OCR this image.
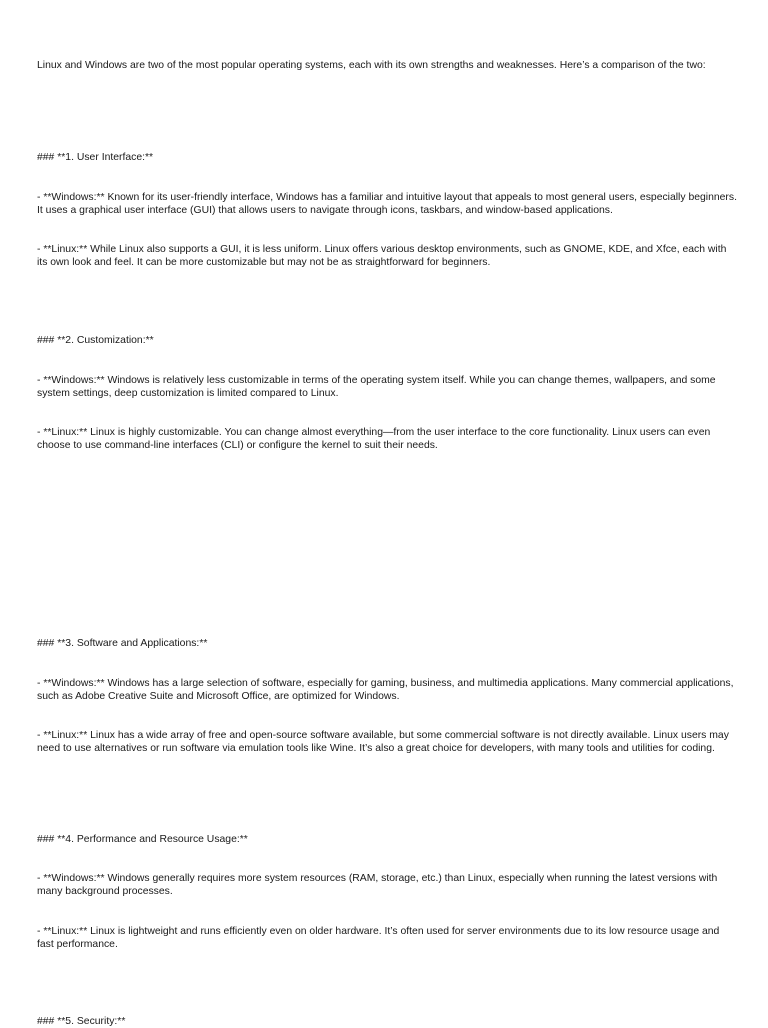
Linux and Windows are two of the most popular operating systems, each with its own strengths and weaknesses. Here’s a comparison of the two:

### **1. User Interface:**

- **Windows:** Known for its user-friendly interface, Windows has a familiar and intuitive layout that appeals to most general users, especially beginners. It uses a graphical user interface (GUI) that allows users to navigate through icons, taskbars, and window-based applications.

- **Linux:** While Linux also supports a GUI, it is less uniform. Linux offers various desktop environments, such as GNOME, KDE, and Xfce, each with its own look and feel. It can be more customizable but may not be as straightforward for beginners.

### **2. Customization:**

- **Windows:** Windows is relatively less customizable in terms of the operating system itself. While you can change themes, wallpapers, and some system settings, deep customization is limited compared to Linux.

- **Linux:** Linux is highly customizable. You can change almost everything—from the user interface to the core functionality. Linux users can even choose to use command-line interfaces (CLI) or configure the kernel to suit their needs.

### **3. Software and Applications:**

- **Windows:** Windows has a large selection of software, especially for gaming, business, and multimedia applications. Many commercial applications, such as Adobe Creative Suite and Microsoft Office, are optimized for Windows.

- **Linux:** Linux has a wide array of free and open-source software available, but some commercial software is not directly available. Linux users may need to use alternatives or run software via emulation tools like Wine. It’s also a great choice for developers, with many tools and utilities for coding.

### **4. Performance and Resource Usage:**

- **Windows:** Windows generally requires more system resources (RAM, storage, etc.) than Linux, especially when running the latest versions with many background processes.

- **Linux:** Linux is lightweight and runs efficiently even on older hardware. It’s often used for server environments due to its low resource usage and fast performance.

### **5. Security:**
